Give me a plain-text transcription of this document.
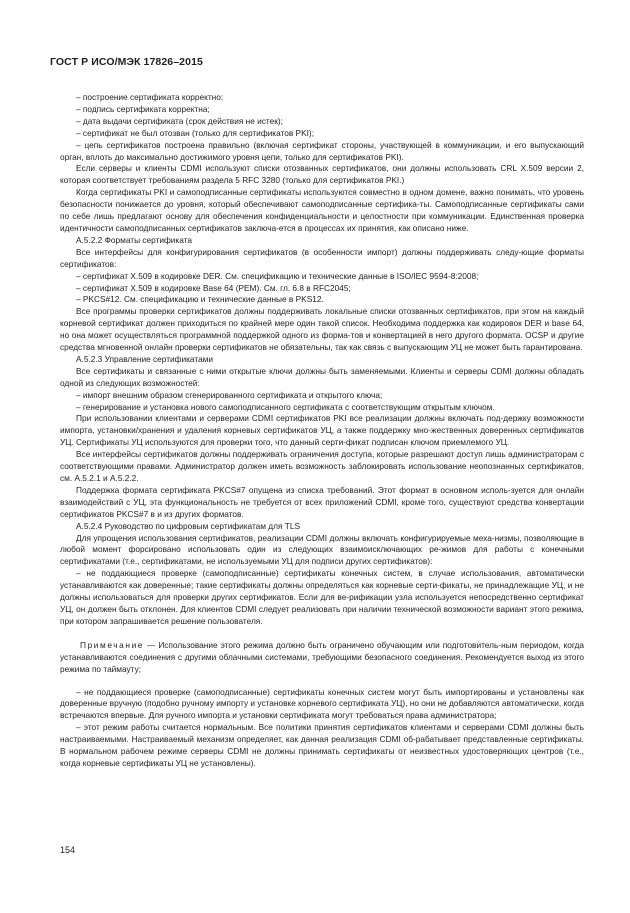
ГОСТ Р ИСО/МЭК 17826–2015

– построение сертификата корректно;

– подпись сертификата корректна;

– дата выдачи сертификата (срок действия не истек);

– сертификат не был отозван (только для сертификатов PKI);

– цепь сертификатов построена правильно (включая сертификат стороны, участвующей в коммуникации, и его выпускающий орган, вплоть до максимально достижимого уровня цепи, только для сертификатов PKI).

Если серверы и клиенты CDMI используют списки отозванных сертификатов, они должны использовать CRL X.509 версии 2, которая соответствует требованиям раздела 5 RFC 3280 (только для сертификатов PKI.)

Когда сертификаты PKI и самоподписанные сертификаты используются совместно в одном домене, важно понимать, что уровень безопасности понижается до уровня, который обеспечивают самоподписанные сертифика-ты. Самоподписанные сертификаты сами по себе лишь предлагают основу для обеспечения конфиденциальности и целостности при коммуникации. Единственная проверка идентичности самоподписанных сертификатов заключа-ется в процессах их принятия, как описано ниже.

А.5.2.2 Форматы сертификата

Все интерфейсы для конфигурирования сертификатов (в особенности импорт) должны поддерживать следу-ющие форматы сертификатов:

– сертификат X.509 в кодировке DER. См. спецификацию и технические данные в ISO/IEC 9594-8:2008;

– сертификат X.509 в кодировке Base 64 (PEM). См. гл. 6.8 в RFC2045;

– PKCS#12. См. спецификацию и технические данные в PKS12.

Все программы проверки сертификатов должны поддерживать локальные списки отозванных сертификатов, при этом на каждый корневой сертификат должен приходиться по крайней мере один такой список. Необходима поддержка как кодировок DER и base 64, но она может осуществляться программной поддержкой одного из форма-тов и конвертацией в него другого формата. OCSP и другие средства мгновенной онлайн проверки сертификатов не обязательны, так как связь с выпускающим УЦ не может быть гарантирована.

А.5.2.3 Управление сертификатами

Все сертификаты и связанные с ними открытые ключи должны быть заменяемыми. Клиенты и серверы CDMI должны обладать одной из следующих возможностей:

– импорт внешним образом сгенерированного сертификата и открытого ключа;

– генерирование и установка нового самоподписанного сертификата с соответствующим открытым ключом.

При использовании клиентами и серверами CDMI сертификатов PKI все реализации должны включать под-держку возможности импорта, установки/хранения и удаления корневых сертификатов УЦ, а также поддержку мно-жественных доверенных сертификатов УЦ. Сертификаты УЦ используются для проверки того, что данный серти-фикат подписан ключом приемлемого УЦ.

Все интерфейсы сертификатов должны поддерживать ограничения доступа, которые разрешают доступ лишь администраторам с соответствующими правами. Администратор должен иметь возможность заблокировать использование неопознанных сертификатов, см. А.5.2.1 и А.5.2.2.

Поддержка формата сертификата PKCS#7 опущена из списка требований. Этот формат в основном исполь-зуется для онлайн взаимодействий с УЦ, эта функциональность не требуется от всех приложений CDMI, кроме того, существуют средства конвертации сертификатов PKCS#7 в и из других форматов.

А.5.2.4 Руководство по цифровым сертификатам для TLS

Для упрощения использования сертификатов, реализации CDMI должны включать конфигурируемые меха-низмы, позволяющие в любой момент форсировано использовать один из следующих взаимоисключающих ре-жимов для работы с конечными сертификатами (т.е., сертификатами, не используемыми УЦ для подписи других сертификатов):

– не поддающиеся проверке (самоподписанные) сертификаты конечных систем, в случае использования, автоматически устанавливаются как доверенные; такие сертификаты должны определяться как корневые серти-фикаты, не принадлежащие УЦ, и не должны использоваться для проверки других сертификатов. Если для ве-рификации узла используется непосредственно сертификат УЦ, он должен быть отклонен. Для клиентов CDMI следует реализовать при наличии технической возможности вариант этого режима, при котором запрашивается решение пользователя.

Примечание — Использование этого режима должно быть ограничено обучающим или подготовитель-ным периодом, когда устанавливаются соединения с другими облачными системами, требующими безопасного соединения. Рекомендуется выход из этого режима по таймауту;

– не поддающиеся проверке (самоподписанные) сертификаты конечных систем могут быть импортированы и установлены как доверенные вручную (подобно ручному импорту и установке корневого сертификата УЦ), но они не добавляются автоматически, когда встречаются впервые. Для ручного импорта и установки сертификата могут требоваться права администратора;

– этот режим работы считается нормальным. Все политики принятия сертификатов клиентами и серверами CDMI должны быть настраиваемыми. Настраиваемый механизм определяет, как данная реализация CDMI об-рабатывает представленные сертификаты. В нормальном рабочем режиме серверы CDMI не должны принимать сертификаты от неизвестных удостоверяющих центров (т.е., когда корневые сертификаты УЦ не установлены).

154
